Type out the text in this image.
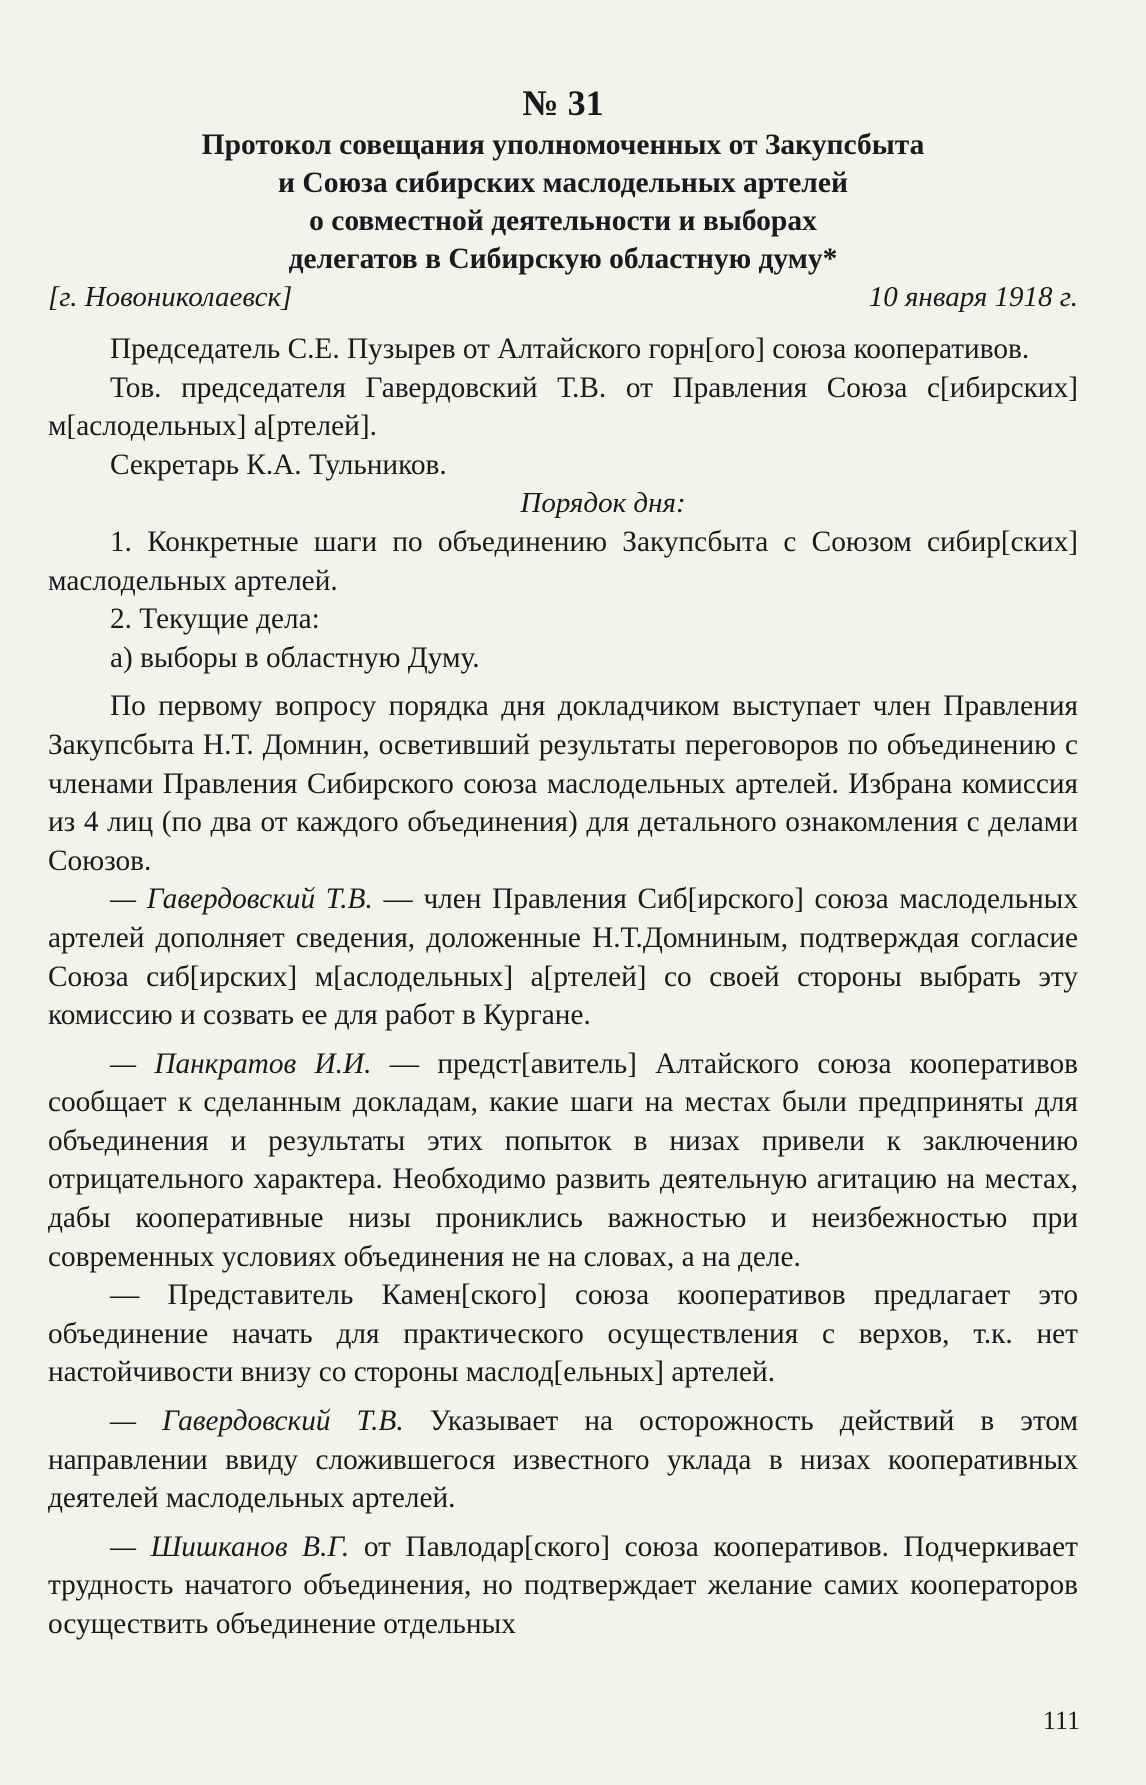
№ 31
Протокол совещания уполномоченных от Закупсбыта
и Союза сибирских маслодельных артелей
о совместной деятельности и выборах
делегатов в Сибирскую областную думу*
[г. Новониколаевск]	10 января 1918 г.

Председатель С.Е. Пузырев от Алтайского горн[ого] союза кооперативов.

Тов. председателя Гавердовский Т.В. от Правления Союза с[ибирских] м[аслодельных] а[ртелей].

Секретарь К.А. Тульников.

Порядок дня:

1. Конкретные шаги по объединению Закупсбыта с Союзом сибир[ских] маслодельных артелей.

2. Текущие дела:

а) выборы в областную Думу.

По первому вопросу порядка дня докладчиком выступает член Правления Закупсбыта Н.Т. Домнин, осветивший результаты переговоров по объединению с членами Правления Сибирского союза маслодельных артелей. Избрана комиссия из 4 лиц (по два от каждого объединения) для детального ознакомления с делами Союзов.

— Гавердовский Т.В. — член Правления Сиб[ирского] союза маслодельных артелей дополняет сведения, доложенные Н.Т.Домниным, подтверждая согласие Союза сиб[ирских] м[аслодельных] а[ртелей] со своей стороны выбрать эту комиссию и созвать ее для работ в Кургане.

— Панкратов И.И. — предст[авитель] Алтайского союза кооперативов сообщает к сделанным докладам, какие шаги на местах были предприняты для объединения и результаты этих попыток в низах привели к заключению отрицательного характера. Необходимо развить деятельную агитацию на местах, дабы кооперативные низы прониклись важностью и неизбежностью при современных условиях объединения не на словах, а на деле.

— Представитель Камен[ского] союза кооперативов предлагает это объединение начать для практического осуществления с верхов, т.к. нет настойчивости внизу со стороны маслод[ельных] артелей.

— Гавердовский Т.В. Указывает на осторожность действий в этом направлении ввиду сложившегося известного уклада в низах кооперативных деятелей маслодельных артелей.

— Шишканов В.Г. от Павлодар[ского] союза кооперативов. Подчеркивает трудность начатого объединения, но подтверждает желание самих кооператоров осуществить объединение отдельных

111
